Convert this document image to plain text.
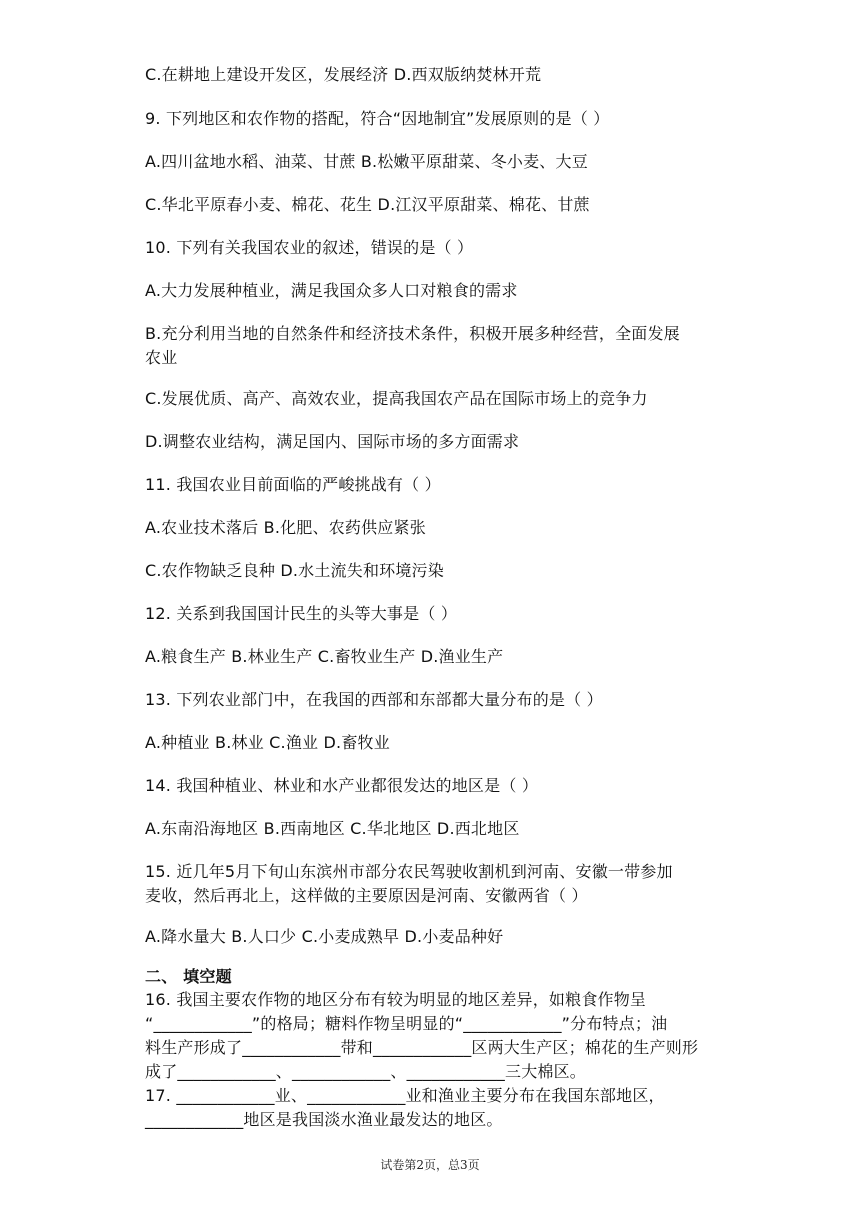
C.在耕地上建设开发区，发展经济 D.西双版纳焚林开荒
9. 下列地区和农作物的搭配，符合“因地制宜”发展原则的是（ ）
A.四川盆地水稻、油菜、甘蔗 B.松嫩平原甜菜、冬小麦、大豆
C.华北平原春小麦、棉花、花生 D.江汉平原甜菜、棉花、甘蔗
10. 下列有关我国农业的叙述，错误的是（ ）
A.大力发展种植业，满足我国众多人口对粮食的需求
B.充分利用当地的自然条件和经济技术条件，积极开展多种经营，全面发展
农业
C.发展优质、高产、高效农业，提高我国农产品在国际市场上的竞争力
D.调整农业结构，满足国内、国际市场的多方面需求
11. 我国农业目前面临的严峻挑战有（ ）
A.农业技术落后 B.化肥、农药供应紧张
C.农作物缺乏良种 D.水土流失和环境污染
12. 关系到我国国计民生的头等大事是（ ）
A.粮食生产 B.林业生产 C.畜牧业生产 D.渔业生产
13. 下列农业部门中，在我国的西部和东部都大量分布的是（ ）
A.种植业 B.林业 C.渔业 D.畜牧业
14. 我国种植业、林业和水产业都很发达的地区是（ ）
A.东南沿海地区 B.西南地区 C.华北地区 D.西北地区
15. 近几年5月下旬山东滨州市部分农民驾驶收割机到河南、安徽一带参加
麦收，然后再北上，这样做的主要原因是河南、安徽两省（ ）
A.降水量大 B.人口少 C.小麦成熟早 D.小麦品种好
二、 填空题
16. 我国主要农作物的地区分布有较为明显的地区差异，如粮食作物呈
“____________”的格局；糖料作物呈明显的“____________”分布特点；油
料生产形成了____________带和____________区两大生产区；棉花的生产则形
成了____________、____________、____________三大棉区。
17. ____________业、____________业和渔业主要分布在我国东部地区，
____________地区是我国淡水渔业最发达的地区。
试卷第2页，总3页
